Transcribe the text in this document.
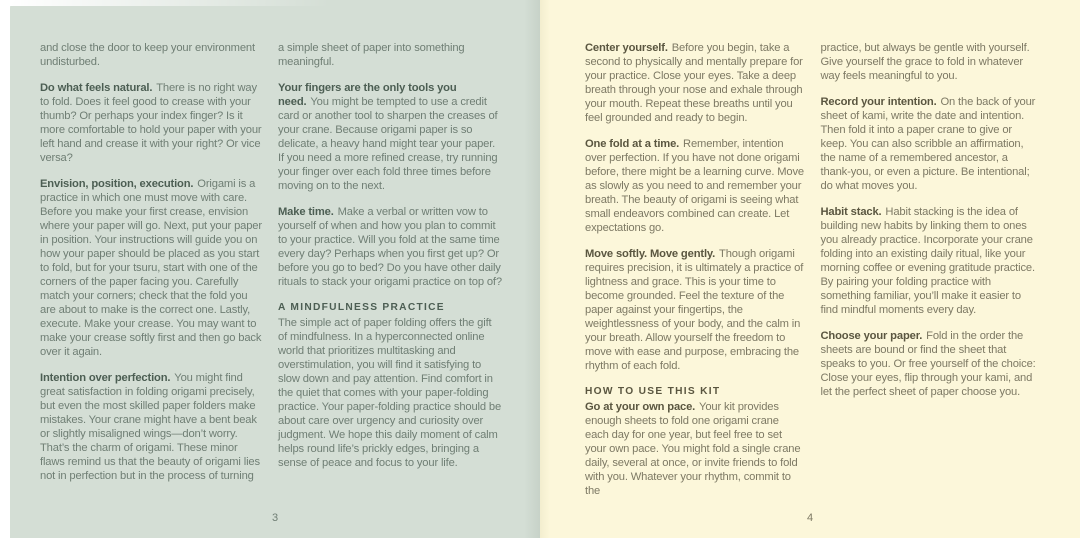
and close the door to keep your environment undisturbed.

Do what feels natural. There is no right way to fold. Does it feel good to crease with your thumb? Or perhaps your index finger? Is it more comfortable to hold your paper with your left hand and crease it with your right? Or vice versa?

Envision, position, execution. Origami is a practice in which one must move with care. Before you make your first crease, envision where your paper will go. Next, put your paper in position. Your instructions will guide you on how your paper should be placed as you start to fold, but for your tsuru, start with one of the corners of the paper facing you. Carefully match your corners; check that the fold you are about to make is the correct one. Lastly, execute. Make your crease. You may want to make your crease softly first and then go back over it again.

Intention over perfection. You might find great satisfaction in folding origami precisely, but even the most skilled paper folders make mistakes. Your crane might have a bent beak or slightly misaligned wings—don’t worry. That’s the charm of origami. These minor flaws remind us that the beauty of origami lies not in perfection but in the process of turning

a simple sheet of paper into something meaningful.

Your fingers are the only tools you need. You might be tempted to use a credit card or another tool to sharpen the creases of your crane. Because origami paper is so delicate, a heavy hand might tear your paper. If you need a more refined crease, try running your finger over each fold three times before moving on to the next.

Make time. Make a verbal or written vow to yourself of when and how you plan to commit to your practice. Will you fold at the same time every day? Perhaps when you first get up? Or before you go to bed? Do you have other daily rituals to stack your origami practice on top of?

A MINDFULNESS PRACTICE

The simple act of paper folding offers the gift of mindfulness. In a hyperconnected online world that prioritizes multitasking and overstimulation, you will find it satisfying to slow down and pay attention. Find comfort in the quiet that comes with your paper-folding practice. Your paper-folding practice should be about care over urgency and curiosity over judgment. We hope this daily moment of calm helps round life’s prickly edges, bringing a sense of peace and focus to your life.

3

Center yourself. Before you begin, take a second to physically and mentally prepare for your practice. Close your eyes. Take a deep breath through your nose and exhale through your mouth. Repeat these breaths until you feel grounded and ready to begin.

One fold at a time. Remember, intention over perfection. If you have not done origami before, there might be a learning curve. Move as slowly as you need to and remember your breath. The beauty of origami is seeing what small endeavors combined can create. Let expectations go.

Move softly. Move gently. Though origami requires precision, it is ultimately a practice of lightness and grace. This is your time to become grounded. Feel the texture of the paper against your fingertips, the weightlessness of your body, and the calm in your breath. Allow yourself the freedom to move with ease and purpose, embracing the rhythm of each fold.

HOW TO USE THIS KIT

Go at your own pace. Your kit provides enough sheets to fold one origami crane each day for one year, but feel free to set your own pace. You might fold a single crane daily, several at once, or invite friends to fold with you. Whatever your rhythm, commit to the

practice, but always be gentle with yourself. Give yourself the grace to fold in whatever way feels meaningful to you.

Record your intention. On the back of your sheet of kami, write the date and intention. Then fold it into a paper crane to give or keep. You can also scribble an affirmation, the name of a remembered ancestor, a thank-you, or even a picture. Be intentional; do what moves you.

Habit stack. Habit stacking is the idea of building new habits by linking them to ones you already practice. Incorporate your crane folding into an existing daily ritual, like your morning coffee or evening gratitude practice. By pairing your folding practice with something familiar, you’ll make it easier to find mindful moments every day.

Choose your paper. Fold in the order the sheets are bound or find the sheet that speaks to you. Or free yourself of the choice: Close your eyes, flip through your kami, and let the perfect sheet of paper choose you.

4
